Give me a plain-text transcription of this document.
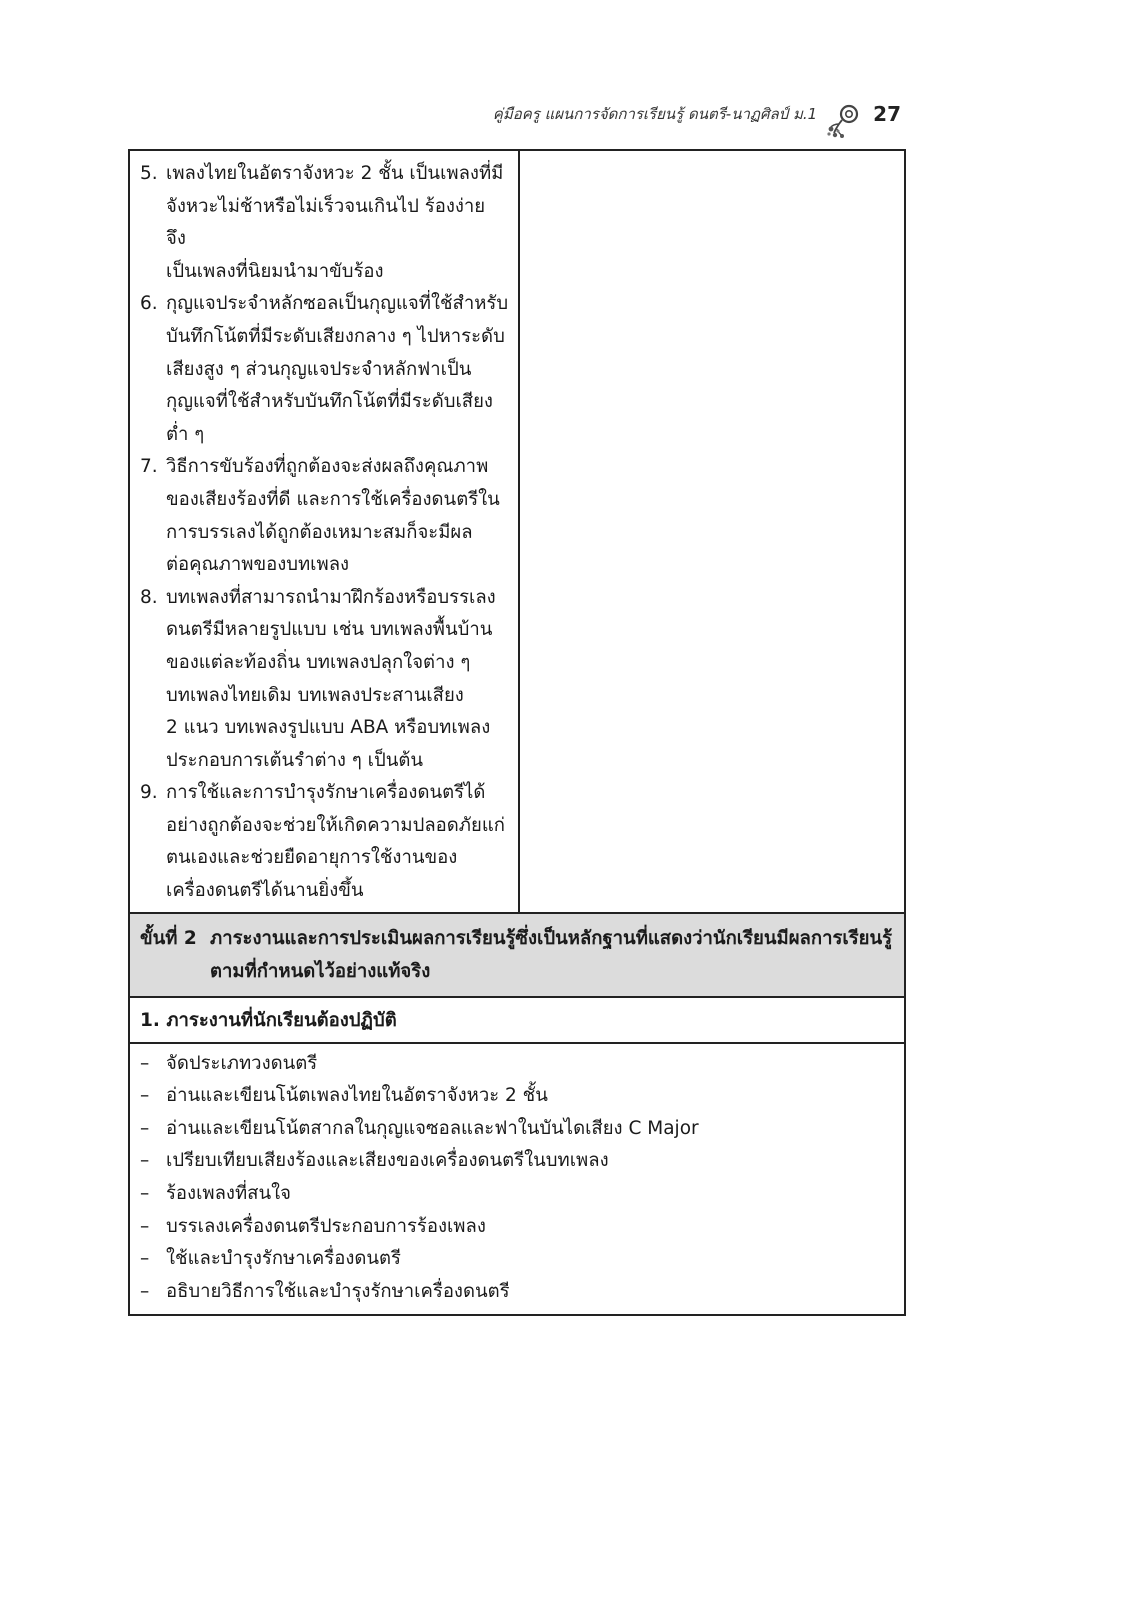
คู่มือครู แผนการจัดการเรียนรู้ ดนตรี-นาฏศิลป์ ม.1	27
5. เพลงไทยในอัตราจังหวะ 2 ชั้น เป็นเพลงที่มี
จังหวะไม่ช้าหรือไม่เร็วจนเกินไป ร้องง่าย จึง
เป็นเพลงที่นิยมนำมาขับร้อง
6. กุญแจประจำหลักซอลเป็นกุญแจที่ใช้สำหรับ
บันทึกโน้ตที่มีระดับเสียงกลาง ๆ ไปหาระดับ
เสียงสูง ๆ ส่วนกุญแจประจำหลักฟาเป็น
กุญแจที่ใช้สำหรับบันทึกโน้ตที่มีระดับเสียง
ต่ำ ๆ
7. วิธีการขับร้องที่ถูกต้องจะส่งผลถึงคุณภาพ
ของเสียงร้องที่ดี และการใช้เครื่องดนตรีใน
การบรรเลงได้ถูกต้องเหมาะสมก็จะมีผล
ต่อคุณภาพของบทเพลง
8. บทเพลงที่สามารถนำมาฝึกร้องหรือบรรเลง
ดนตรีมีหลายรูปแบบ เช่น บทเพลงพื้นบ้าน
ของแต่ละท้องถิ่น บทเพลงปลุกใจต่าง ๆ
บทเพลงไทยเดิม บทเพลงประสานเสียง
2 แนว บทเพลงรูปแบบ ABA หรือบทเพลง
ประกอบการเต้นรำต่าง ๆ เป็นต้น
9. การใช้และการบำรุงรักษาเครื่องดนตรีได้
อย่างถูกต้องจะช่วยให้เกิดความปลอดภัยแก่
ตนเองและช่วยยืดอายุการใช้งานของ
เครื่องดนตรีได้นานยิ่งขึ้น

ขั้นที่ 2 ภาระงานและการประเมินผลการเรียนรู้ซึ่งเป็นหลักฐานที่แสดงว่านักเรียนมีผลการเรียนรู้
ตามที่กำหนดไว้อย่างแท้จริง

1. ภาระงานที่นักเรียนต้องปฏิบัติ

– จัดประเภทวงดนตรี
– อ่านและเขียนโน้ตเพลงไทยในอัตราจังหวะ 2 ชั้น
– อ่านและเขียนโน้ตสากลในกุญแจซอลและฟาในบันไดเสียง C Major
– เปรียบเทียบเสียงร้องและเสียงของเครื่องดนตรีในบทเพลง
– ร้องเพลงที่สนใจ
– บรรเลงเครื่องดนตรีประกอบการร้องเพลง
– ใช้และบำรุงรักษาเครื่องดนตรี
– อธิบายวิธีการใช้และบำรุงรักษาเครื่องดนตรี
